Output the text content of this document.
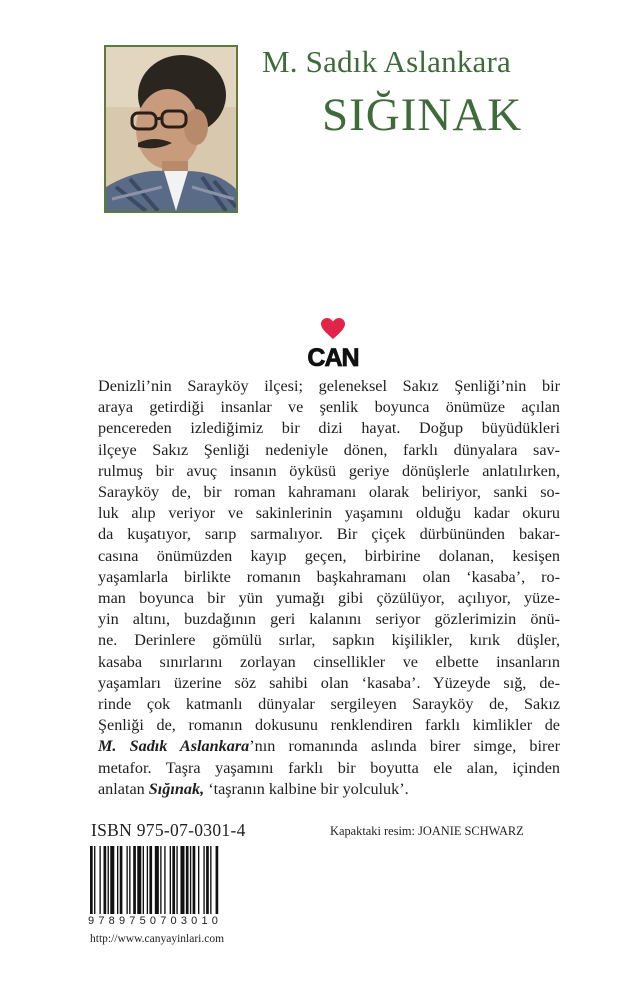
M. Sadık Aslankara
SIĞINAK
CAN
Denizli’nin Sarayköy ilçesi; geleneksel Sakız Şenliği’nin bir
araya getirdiği insanlar ve şenlik boyunca önümüze açılan
pencereden izlediğimiz bir dizi hayat. Doğup büyüdükleri
ilçeye Sakız Şenliği nedeniyle dönen, farklı dünyalara sav-
rulmuş bir avuç insanın öyküsü geriye dönüşlerle anlatılırken,
Sarayköy de, bir roman kahramanı olarak beliriyor, sanki so-
luk alıp veriyor ve sakinlerinin yaşamını olduğu kadar okuru
da kuşatıyor, sarıp sarmalıyor. Bir çiçek dürbününden bakar-
casına önümüzden kayıp geçen, birbirine dolanan, kesişen
yaşamlarla birlikte romanın başkahramanı olan ‘kasaba’, ro-
man boyunca bir yün yumağı gibi çözülüyor, açılıyor, yüze-
yin altını, buzdağının geri kalanını seriyor gözlerimizin önü-
ne. Derinlere gömülü sırlar, sapkın kişilikler, kırık düşler,
kasaba sınırlarını zorlayan cinsellikler ve elbette insanların
yaşamları üzerine söz sahibi olan ‘kasaba’. Yüzeyde sığ, de-
rinde çok katmanlı dünyalar sergileyen Sarayköy de, Sakız
Şenliği de, romanın dokusunu renklendiren farklı kimlikler de
M. Sadık Aslankara’nın romanında aslında birer simge, birer
metafor. Taşra yaşamını farklı bir boyutta ele alan, içinden
anlatan Sığınak, ‘taşranın kalbine bir yolculuk’.
ISBN 975-07-0301-4	Kapaktaki resim: JOANIE SCHWARZ
9789750703010
http://www.canyayinlari.com
